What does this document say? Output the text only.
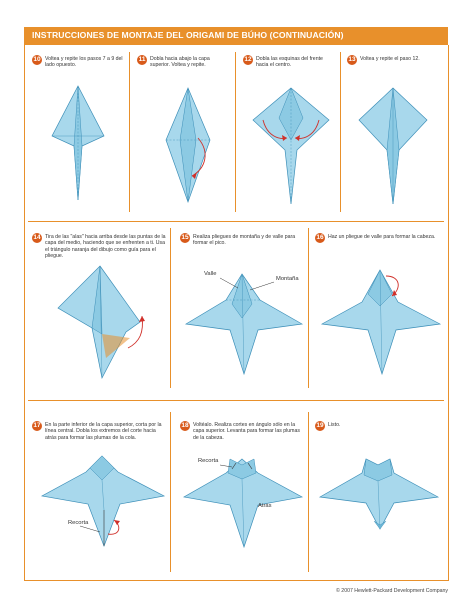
INSTRUCCIONES DE MONTAJE DEL ORIGAMI DE BÚHO (CONTINUACIÓN)
10 Voltea y repite los pasos 7 a 9 del lado opuesto.
11 Dobla hacia abajo la capa superior. Voltea y repite.
12 Dobla las esquinas del frente hacia el centro.
13 Voltea y repite el paso 12.
14 Tira de las "alas" hacia arriba desde las puntas de la capa del medio, haciendo que se enfrenten a ti. Usa el triángulo naranja del dibujo como guía para el pliegue.
15 Realiza pliegues de montaña y de valle para formar el pico.
Valle
Montaña
16 Haz un pliegue de valle para formar la cabeza.
17 En la parte inferior de la capa superior, corta por la línea central. Dobla los extremos del corte hacia atrás para formar las plumas de la cola.
Recorta
18 Voltéalo. Realiza cortes en ángulo sólo en la capa superior. Levanta para formar las plumas de la cabeza.
Recorta
Atrás
19 Listo.
© 2007 Hewlett-Packard Development Company
